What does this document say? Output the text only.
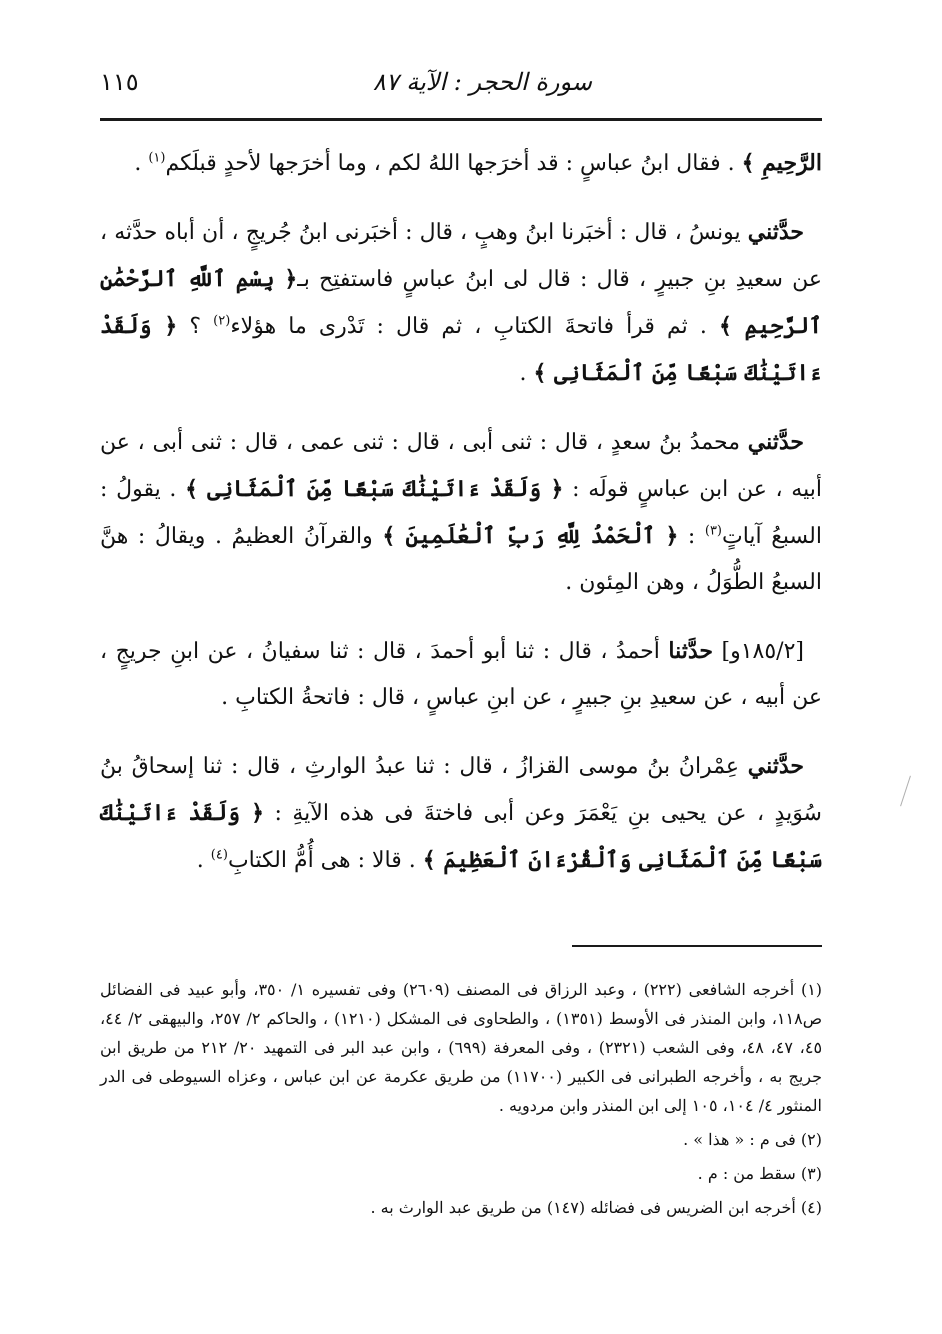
سورة الحجر : الآية ٨٧
١١٥

الرَّحِيمِ ﴾ . فقال ابنُ عباسٍ : قد أخرَجها اللهُ لكم ، وما أخرَجها لأحدٍ قبلَكم$^{(١)}$ .

حدَّثني يونسُ ، قال : أخبَرنا ابنُ وهبٍ ، قال : أخبَرنى ابنُ جُريجٍ ، أن أباه حدَّثه ، عن سعيدِ بنِ جبيرٍ ، قال : قال لى ابنُ عباسٍ فاستفتِح بـ﴿ بِسْمِ ٱللَّهِ ٱلرَّحْمَٰنِ ٱلرَّحِيمِ ﴾ . ثم قرأ فاتحةَ الكتابِ ، ثم قال : تَدْرى ما هؤلاء$^{(٢)}$ ؟ ﴿ وَلَقَدْ ءَاتَيْنَٰكَ سَبْعًا مِّنَ ٱلْمَثَانِى ﴾ .

حدَّثني محمدُ بنُ سعدٍ ، قال : ثنى أبى ، قال : ثنى عمى ، قال : ثنى أبى ، عن أبيه ، عن ابن عباسٍ قولَه : ﴿ وَلَقَدْ ءَاتَيْنَٰكَ سَبْعًا مِّنَ ٱلْمَثَانِى ﴾ . يقولُ : السبعُ آياتٍ$^{(٣)}$ : ﴿ ٱلْحَمْدُ لِلَّهِ رَبِّ ٱلْعَٰلَمِينَ ﴾ والقرآنُ العظيمُ . ويقالُ : هنَّ السبعُ الطُّوَلُ ، وهن المِئون .

[١٨٥/٢و] حدَّثنا أحمدُ ، قال : ثنا أبو أحمدَ ، قال : ثنا سفيانُ ، عن ابنِ جريجٍ ، عن أبيه ، عن سعيدِ بنِ جبيرٍ ، عن ابنِ عباسٍ ، قال : فاتحةُ الكتابِ .

حدَّثني عِمْرانُ بنُ موسى القزازُ ، قال : ثنا عبدُ الوارثِ ، قال : ثنا إسحاقُ بنُ سُوَيدٍ ، عن يحيى بنِ يَعْمَرَ وعن أبى فاختةَ فى هذه الآيةِ : ﴿ وَلَقَدْ ءَاتَيْنَٰكَ سَبْعًا مِّنَ ٱلْمَثَانِى وَٱلْقُرْءَانَ ٱلْعَظِيمَ ﴾ . قالا : هى أُمُّ الكتابِ$^{(٤)}$ .

(١) أخرجه الشافعى (٢٢٢) ، وعبد الرزاق فى المصنف (٢٦٠٩) وفى تفسيره ١/ ٣٥٠، وأبو عبيد فى الفضائل ص١١٨، وابن المنذر فى الأوسط (١٣٥١) ، والطحاوى فى المشكل (١٢١٠) ، والحاكم ٢/ ٢٥٧، والبيهقى ٢/ ٤٤، ٤٥، ٤٧، ٤٨، وفى الشعب (٢٣٢١) ، وفى المعرفة (٦٩٩) ، وابن عبد البر فى التمهيد ٢٠/ ٢١٢ من طريق ابن جريج به ، وأخرجه الطبرانى فى الكبير (١١٧٠٠) من طريق عكرمة عن ابن عباس ، وعزاه السيوطى فى الدر المنثور ٤/ ١٠٤، ١٠٥ إلى ابن المنذر وابن مردويه .

(٢) فى م : « هذا » .

(٣) سقط من : م .

(٤) أخرجه ابن الضريس فى فضائله (١٤٧) من طريق عبد الوارث به .
